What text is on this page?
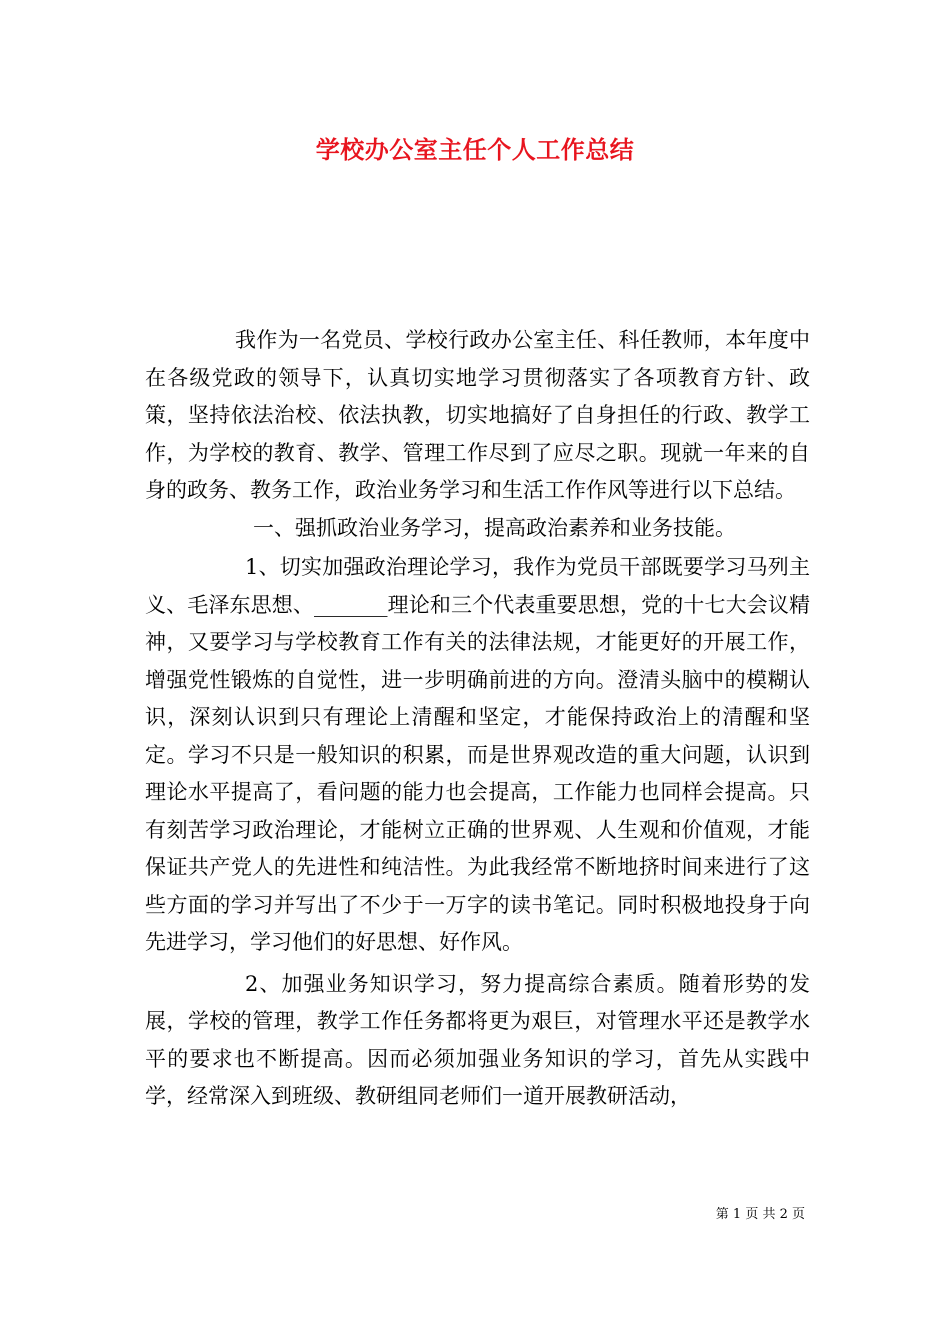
学校办公室主任个人工作总结

我作为一名党员、学校行政办公室主任、科任教师，本年度中在各级党政的领导下，认真切实地学习贯彻落实了各项教育方针、政策，坚持依法治校、依法执教，切实地搞好了自身担任的行政、教学工作，为学校的教育、教学、管理工作尽到了应尽之职。现就一年来的自身的政务、教务工作，政治业务学习和生活工作作风等进行以下总结。

一、强抓政治业务学习，提高政治素养和业务技能。

1、切实加强政治理论学习，我作为党员干部既要学习马列主义、毛泽东思想、_______理论和三个代表重要思想，党的十七大会议精神，又要学习与学校教育工作有关的法律法规，才能更好的开展工作，增强党性锻炼的自觉性，进一步明确前进的方向。澄清头脑中的模糊认识，深刻认识到只有理论上清醒和坚定，才能保持政治上的清醒和坚定。学习不只是一般知识的积累，而是世界观改造的重大问题，认识到理论水平提高了，看问题的能力也会提高，工作能力也同样会提高。只有刻苦学习政治理论，才能树立正确的世界观、人生观和价值观，才能保证共产党人的先进性和纯洁性。为此我经常不断地挤时间来进行了这些方面的学习并写出了不少于一万字的读书笔记。同时积极地投身于向先进学习，学习他们的好思想、好作风。

2、加强业务知识学习，努力提高综合素质。随着形势的发展，学校的管理，教学工作任务都将更为艰巨，对管理水平还是教学水平的要求也不断提高。因而必须加强业务知识的学习，首先从实践中学，经常深入到班级、教研组同老师们一道开展教研活动，

第 1 页 共 2 页
